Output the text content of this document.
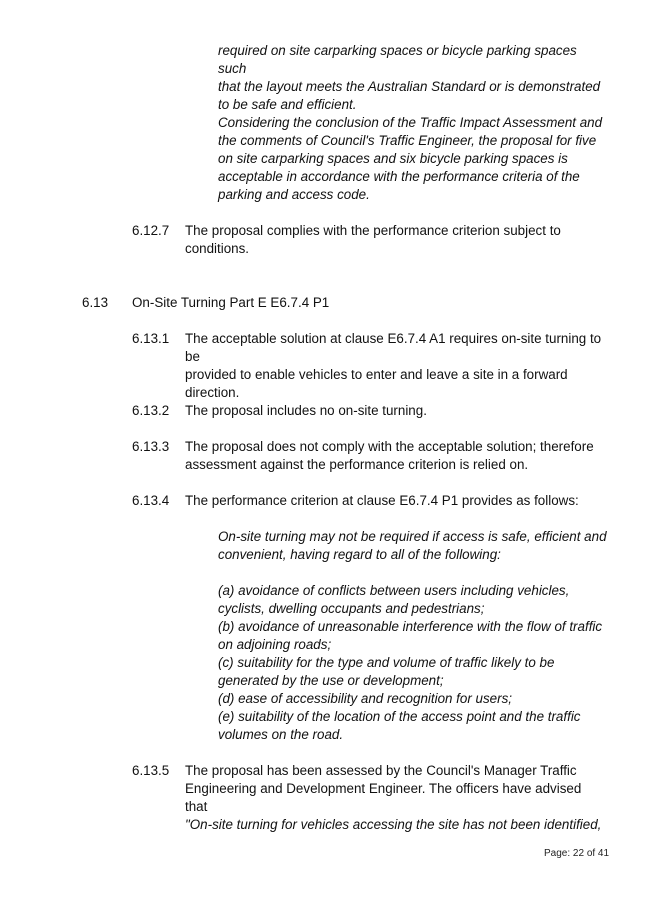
required on site carparking spaces or bicycle parking spaces such

that the layout meets the Australian Standard or is demonstrated

to be safe and efficient.

Considering the conclusion of the Traffic Impact Assessment and

the comments of Council's Traffic Engineer, the proposal for five

on site carparking spaces and six bicycle parking spaces is

acceptable in accordance with the performance criteria of the

parking and access code.

6.12.7 The proposal complies with the performance criterion subject to
conditions.
6.13 On-Site Turning Part E E6.7.4 P1
6.13.1 The acceptable solution at clause E6.7.4 A1 requires on-site turning to be
provided to enable vehicles to enter and leave a site in a forward
direction.
6.13.2 The proposal includes no on-site turning.
6.13.3 The proposal does not comply with the acceptable solution; therefore
assessment against the performance criterion is relied on.
6.13.4 The performance criterion at clause E6.7.4 P1 provides as follows:

On-site turning may not be required if access is safe, efficient and

convenient, having regard to all of the following:

(a) avoidance of conflicts between users including vehicles,

cyclists, dwelling occupants and pedestrians;

(b) avoidance of unreasonable interference with the flow of traffic

on adjoining roads;

(c) suitability for the type and volume of traffic likely to be

generated by the use or development;

(d) ease of accessibility and recognition for users;

(e) suitability of the location of the access point and the traffic

volumes on the road.

6.13.5 The proposal has been assessed by the Council's Manager Traffic
Engineering and Development Engineer. The officers have advised that
"On-site turning for vehicles accessing the site has not been identified,
Page: 22 of 41
